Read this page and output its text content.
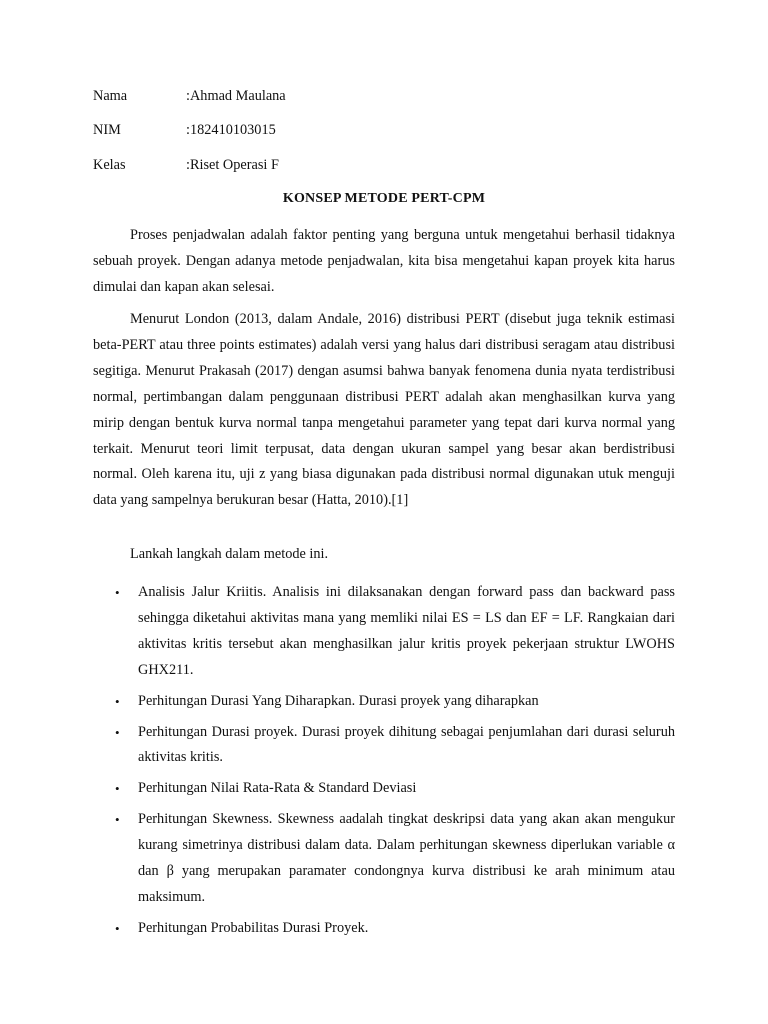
Nama	:Ahmad Maulana
NIM	:182410103015
Kelas	:Riset Operasi F
KONSEP METODE PERT-CPM

Proses penjadwalan adalah faktor penting yang berguna untuk mengetahui berhasil tidaknya sebuah proyek. Dengan adanya metode penjadwalan, kita bisa mengetahui kapan proyek kita harus dimulai dan kapan akan selesai.

Menurut London (2013, dalam Andale, 2016) distribusi PERT (disebut juga teknik estimasi beta-PERT atau three points estimates) adalah versi yang halus dari distribusi seragam atau distribusi segitiga. Menurut Prakasah (2017) dengan asumsi bahwa banyak fenomena dunia nyata terdistribusi normal, pertimbangan dalam penggunaan distribusi PERT adalah akan menghasilkan kurva yang mirip dengan bentuk kurva normal tanpa mengetahui parameter yang tepat dari kurva normal yang terkait. Menurut teori limit terpusat, data dengan ukuran sampel yang besar akan berdistribusi normal. Oleh karena itu, uji z yang biasa digunakan pada distribusi normal digunakan utuk menguji data yang sampelnya berukuran besar (Hatta, 2010).[1]

Lankah langkah dalam metode ini.

• Analisis Jalur Kriitis. Analisis ini dilaksanakan dengan forward pass dan backward pass sehingga diketahui aktivitas mana yang memliki nilai ES = LS dan EF = LF. Rangkaian dari aktivitas kritis tersebut akan menghasilkan jalur kritis proyek pekerjaan struktur LWOHS GHX211.
• Perhitungan Durasi Yang Diharapkan. Durasi proyek yang diharapkan
• Perhitungan Durasi proyek. Durasi proyek dihitung sebagai penjumlahan dari durasi seluruh aktivitas kritis.
• Perhitungan Nilai Rata-Rata & Standard Deviasi
• Perhitungan Skewness. Skewness aadalah tingkat deskripsi data yang akan akan mengukur kurang simetrinya distribusi dalam data. Dalam perhitungan skewness diperlukan variable α dan β yang merupakan paramater condongnya kurva distribusi ke arah minimum atau maksimum.
• Perhitungan Probabilitas Durasi Proyek.
